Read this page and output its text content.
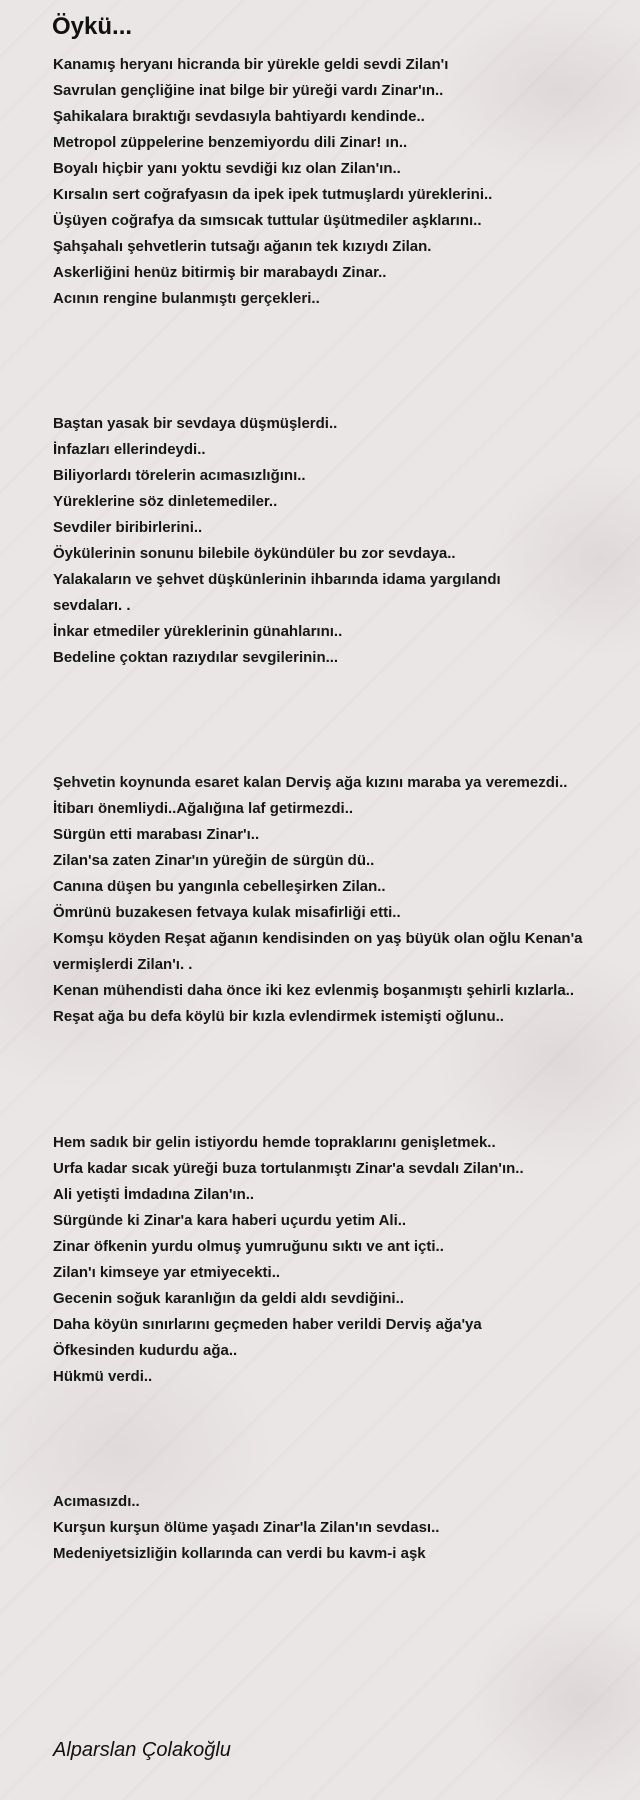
Öykü...
Kanamış heryanı hicranda bir yürekle geldi sevdi Zilan'ı
Savrulan gençliğine inat bilge bir yüreği vardı Zinar'ın..
Şahikalara bıraktığı sevdasıyla bahtiyardı kendinde..
Metropol züppelerine benzemiyordu dili Zinar! ın..
Boyalı hiçbir yanı yoktu sevdiği kız olan Zilan'ın..
Kırsalın sert coğrafyasın da ipek ipek tutmuşlardı yüreklerini..
Üşüyen coğrafya da sımsıcak tuttular üşütmediler aşklarını..
Şahşahalı şehvetlerin tutsağı ağanın tek kızıydı Zilan.
Askerliğini henüz bitirmiş bir marabaydı Zinar..
Acının rengine bulanmıştı gerçekleri..
Baştan yasak bir sevdaya düşmüşlerdi..
İnfazları ellerindeydi..
Biliyorlardı törelerin acımasızlığını..
Yüreklerine söz dinletemediler..
Sevdiler biribirlerini..
Öykülerinin sonunu bilebile öykündüler bu zor sevdaya..
Yalakaların ve şehvet düşkünlerinin ihbarında idama yargılandı
sevdaları. .
İnkar etmediler yüreklerinin günahlarını..
Bedeline çoktan razıydılar sevgilerinin...
Şehvetin koynunda esaret kalan Derviş ağa kızını maraba ya veremezdi..
İtibarı önemliydi..Ağalığına laf getirmezdi..
Sürgün etti marabası Zinar'ı..
Zilan'sa zaten Zinar'ın yüreğin de sürgün dü..
Canına düşen bu yangınla cebelleşirken Zilan..
Ömrünü buzakesen fetvaya kulak misafirliği etti..
Komşu köyden Reşat ağanın kendisinden on yaş büyük olan oğlu Kenan'a
vermişlerdi Zilan'ı. .
Kenan mühendisti daha önce iki kez evlenmiş boşanmıştı şehirli kızlarla..
Reşat ağa bu defa köylü bir kızla evlendirmek istemişti oğlunu..
Hem sadık bir gelin istiyordu hemde topraklarını genişletmek..
Urfa kadar sıcak yüreği buza tortulanmıştı Zinar'a sevdalı Zilan'ın..
Ali yetişti İmdadına Zilan'ın..
Sürgünde ki Zinar'a kara haberi uçurdu yetim Ali..
Zinar öfkenin yurdu olmuş yumruğunu sıktı ve ant içti..
Zilan'ı kimseye yar etmiyecekti..
Gecenin soğuk karanlığın da geldi aldı sevdiğini..
Daha köyün sınırlarını geçmeden haber verildi Derviş ağa'ya
Öfkesinden kudurdu ağa..
Hükmü verdi..
Acımasızdı..
Kurşun kurşun ölüme yaşadı Zinar'la Zilan'ın sevdası..
Medeniyetsizliğin kollarında can verdi bu kavm-i aşk
Alparslan Çolakoğlu
